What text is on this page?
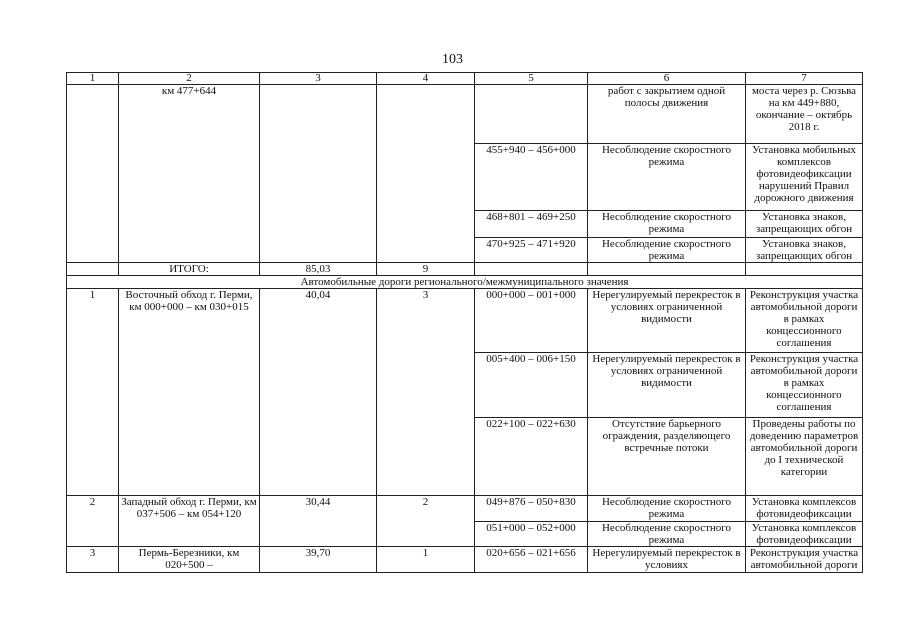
103
1	2	3	4	5	6	7
	км 477+644				работ с закрытием одной полосы движения	моста через р. Сюзьва на км 449+880, окончание – октябрь 2018 г.
				455+940 – 456+000	Несоблюдение скоростного режима	Установка мобильных комплексов фотовидеофиксации нарушений Правил дорожного движения
				468+801 – 469+250	Несоблюдение скоростного режима	Установка знаков, запрещающих обгон
				470+925 – 471+920	Несоблюдение скоростного режима	Установка знаков, запрещающих обгон
	ИТОГО:	85,03	9			
Автомобильные дороги регионального/межмуниципального значения						
1	Восточный обход г. Перми, км 000+000 – км 030+015	40,04	3	000+000 – 001+000	Нерегулируемый перекресток в условиях ограниченной видимости	Реконструкция участка автомобильной дороги в рамках концессионного соглашения
				005+400 – 006+150	Нерегулируемый перекресток в условиях ограниченной видимости	Реконструкция участка автомобильной дороги в рамках концессионного соглашения
				022+100 – 022+630	Отсутствие барьерного ограждения, разделяющего встречные потоки	Проведены работы по доведению параметров автомобильной дороги до I технической категории
2	Западный обход г. Перми, км 037+506 – км 054+120	30,44	2	049+876 – 050+830	Несоблюдение скоростного режима	Установка комплексов фотовидеофиксации
				051+000 – 052+000	Несоблюдение скоростного режима	Установка комплексов фотовидеофиксации
3	Пермь-Березники, км 020+500 –	39,70	1	020+656 – 021+656	Нерегулируемый перекресток в условиях	Реконструкция участка автомобильной дороги
